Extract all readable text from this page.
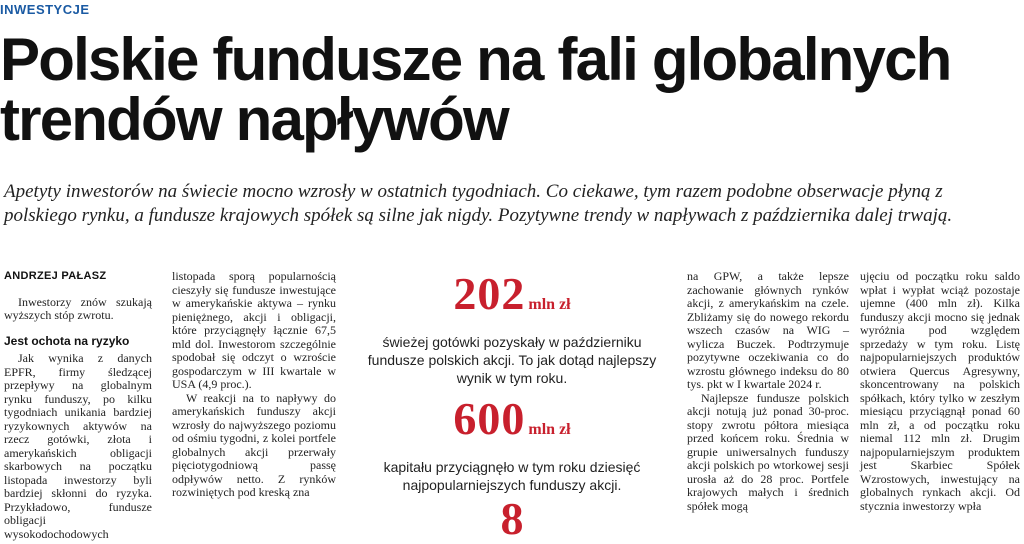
INWESTYCJE
Polskie fundusze na fali globalnych trendów napływów

Apetyty inwestorów na świecie mocno wzrosły w ostatnich tygodniach. Co ciekawe, tym razem podobne obserwacje płyną z polskiego rynku, a fundusze krajowych spółek są silne jak nigdy. Pozytywne trendy w napływach z października dalej trwają.

ANDRZEJ PAŁASZ

Inwestorzy znów szukają wyższych stóp zwrotu.

Jest ochota na ryzyko

Jak wynika z danych EPFR, firmy śledzącej przepływy na globalnym rynku funduszy, po kilku tygodniach unikania bardziej ryzykownych aktywów na rzecz gotówki, złota i amerykańskich obligacji skarbowych na początku listopada inwestorzy byli bardziej skłonni do ryzyka. Przykładowo, fundusze obligacji wysokodochodowych

listopada sporą popularnością cieszyły się fundusze inwestujące w amerykańskie aktywa – rynku pieniężnego, akcji i obligacji, które przyciągnęły łącznie 67,5 mld dol. Inwestorom szczególnie spodobał się odczyt o wzroście gospodarczym w III kwartale w USA (4,9 proc.).

W reakcji na to napływy do amerykańskich funduszy akcji wzrosły do najwyższego poziomu od ośmiu tygodni, z kolei portfele globalnych akcji przerwały pięciotygodniową passę odpływów netto. Z rynków rozwiniętych pod kreską zna

202 mln zł
świeżej gotówki pozyskały w październiku fundusze polskich akcji. To jak dotąd najlepszy wynik w tym roku.
600 mln zł
kapitału przyciągnęło w tym roku dziesięć najpopularniejszych funduszy akcji.
8

na GPW, a także lepsze zachowanie głównych rynków akcji, z amerykańskim na czele. Zbliżamy się do nowego rekordu wszech czasów na WIG – wylicza Buczek. Podtrzymuje pozytywne oczekiwania co do wzrostu głównego indeksu do 80 tys. pkt w I kwartale 2024 r.

Najlepsze fundusze polskich akcji notują już ponad 30-proc. stopy zwrotu półtora miesiąca przed końcem roku. Średnia w grupie uniwersalnych funduszy akcji polskich po wtorkowej sesji urosła aż do 28 proc. Portfele krajowych małych i średnich spółek mogą

ujęciu od początku roku saldo wpłat i wypłat wciąż pozostaje ujemne (400 mln zł). Kilka funduszy akcji mocno się jednak wyróżnia pod względem sprzedaży w tym roku. Listę najpopularniejszych produktów otwiera Quercus Agresywny, skoncentrowany na polskich spółkach, który tylko w zeszłym miesiącu przyciągnął ponad 60 mln zł, a od początku roku niemal 112 mln zł. Drugim najpopularniejszym produktem jest Skarbiec Spółek Wzrostowych, inwestujący na globalnych rynkach akcji. Od stycznia inwestorzy wpła
